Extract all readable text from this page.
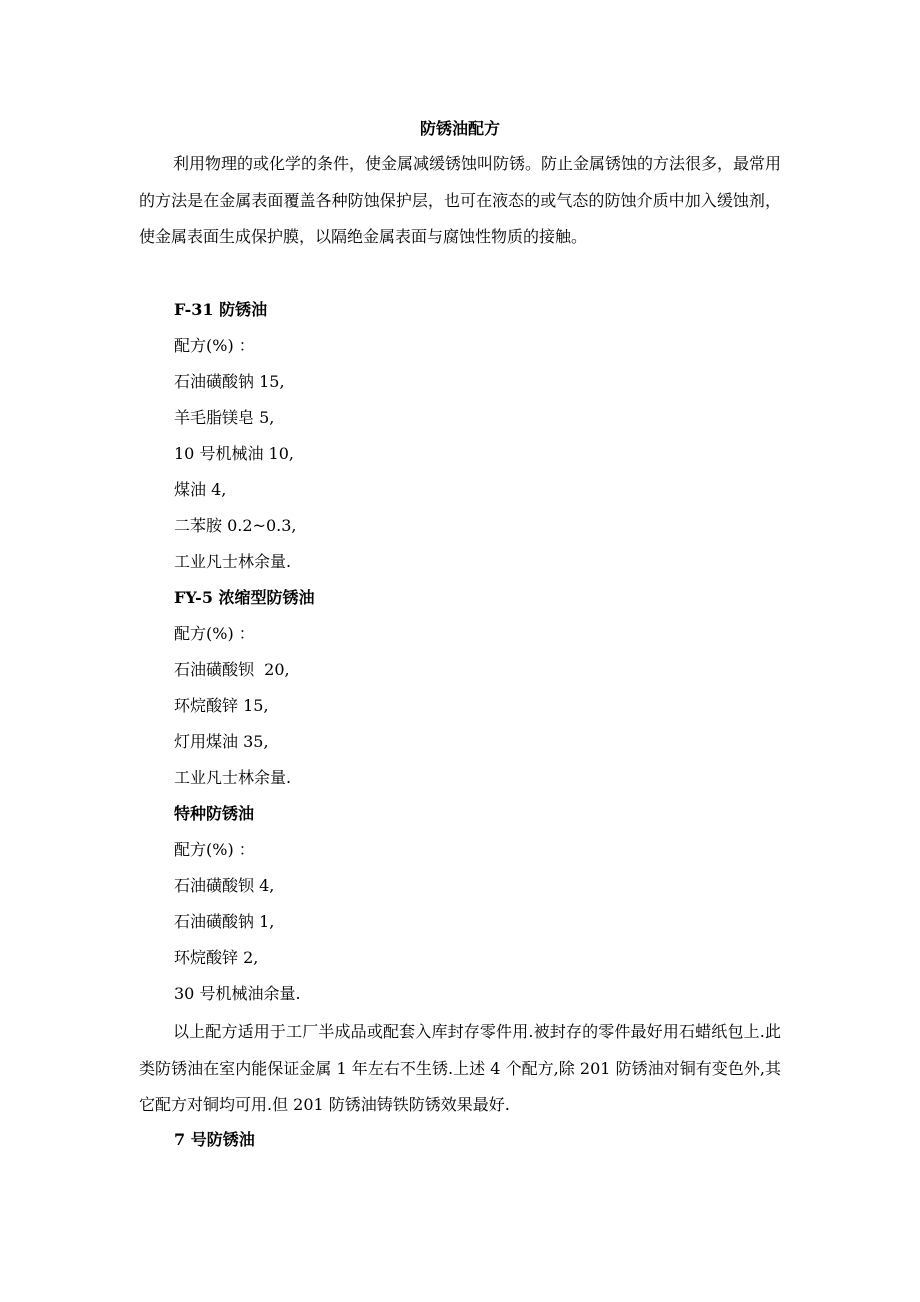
防锈油配方

利用物理的或化学的条件，使金属减缓锈蚀叫防锈。防止金属锈蚀的方法很多，最常用的方法是在金属表面覆盖各种防蚀保护层，也可在液态的或气态的防蚀介质中加入缓蚀剂，使金属表面生成保护膜，以隔绝金属表面与腐蚀性物质的接触。

F-31 防锈油
配方(%) ：
石油磺酸钠 15,
羊毛脂镁皂 5,
10 号机械油 10,
煤油 4,
二苯胺 0.2~0.3,
工业凡士林余量.
FY-5 浓缩型防锈油
配方(%) ：
石油磺酸钡  20,
环烷酸锌 15,
灯用煤油 35,
工业凡士林余量.
特种防锈油
配方(%) ：
石油磺酸钡 4,
石油磺酸钠 1,
环烷酸锌 2,
30 号机械油余量.

以上配方适用于工厂半成品或配套入库封存零件用.被封存的零件最好用石蜡纸包上.此类防锈油在室内能保证金属 1 年左右不生锈.上述 4 个配方,除 201 防锈油对铜有变色外,其它配方对铜均可用.但 201 防锈油铸铁防锈效果最好.

7 号防锈油
